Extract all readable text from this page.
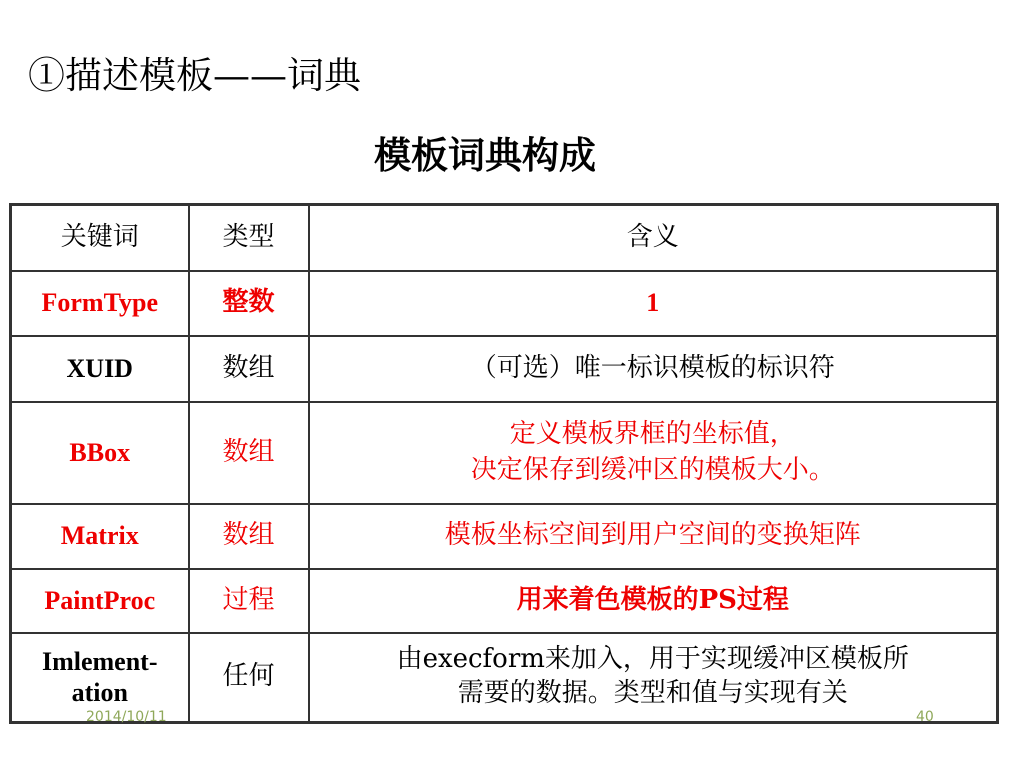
①描述模板——词典
模板词典构成
关键词	类型	含义
FormType	整数	1
XUID	数组	（可选）唯一标识模板的标识符
BBox	数组	定义模板界框的坐标值，
决定保存到缓冲区的模板大小。

Matrix	数组	模板坐标空间到用户空间的变换矩阵
PaintProc	过程	用来着色模板的PS过程

Imlement-
ation	任何	由execform来加入，用于实现缓冲区模板所
需要的数据。类型和值与实现有关
2014/10/11	40
